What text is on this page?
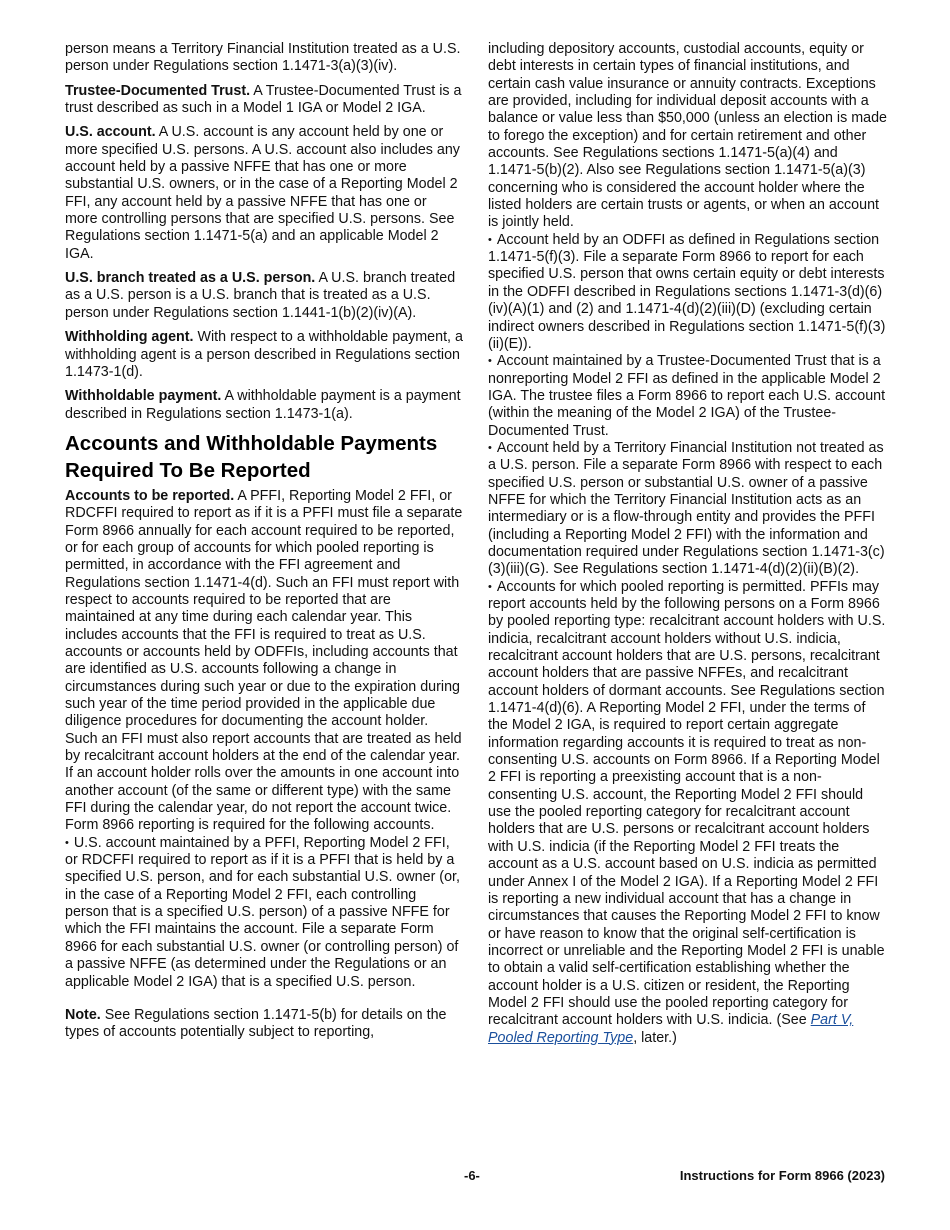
person means a Territory Financial Institution treated as a U.S. person under Regulations section 1.1471-3(a)(3)(iv).

Trustee-Documented Trust. A Trustee-Documented Trust is a trust described as such in a Model 1 IGA or Model 2 IGA.

U.S. account. A U.S. account is any account held by one or more specified U.S. persons. A U.S. account also includes any account held by a passive NFFE that has one or more substantial U.S. owners, or in the case of a Reporting Model 2 FFI, any account held by a passive NFFE that has one or more controlling persons that are specified U.S. persons. See Regulations section 1.1471-5(a) and an applicable Model 2 IGA.

U.S. branch treated as a U.S. person. A U.S. branch treated as a U.S. person is a U.S. branch that is treated as a U.S. person under Regulations section 1.1441-1(b)(2)(iv)(A).

Withholding agent. With respect to a withholdable payment, a withholding agent is a person described in Regulations section 1.1473-1(d).

Withholdable payment. A withholdable payment is a payment described in Regulations section 1.1473-1(a).

Accounts and Withholdable Payments Required To Be Reported

Accounts to be reported. A PFFI, Reporting Model 2 FFI, or RDCFFI required to report as if it is a PFFI must file a separate Form 8966 annually for each account required to be reported, or for each group of accounts for which pooled reporting is permitted, in accordance with the FFI agreement and Regulations section 1.1471-4(d). Such an FFI must report with respect to accounts required to be reported that are maintained at any time during each calendar year. This includes accounts that the FFI is required to treat as U.S. accounts or accounts held by ODFFIs, including accounts that are identified as U.S. accounts following a change in circumstances during such year or due to the expiration during such year of the time period provided in the applicable due diligence procedures for documenting the account holder. Such an FFI must also report accounts that are treated as held by recalcitrant account holders at the end of the calendar year. If an account holder rolls over the amounts in one account into another account (of the same or different type) with the same FFI during the calendar year, do not report the account twice. Form 8966 reporting is required for the following accounts.

• U.S. account maintained by a PFFI, Reporting Model 2 FFI, or RDCFFI required to report as if it is a PFFI that is held by a specified U.S. person, and for each substantial U.S. owner (or, in the case of a Reporting Model 2 FFI, each controlling person that is a specified U.S. person) of a passive NFFE for which the FFI maintains the account. File a separate Form 8966 for each substantial U.S. owner (or controlling person) of a passive NFFE (as determined under the Regulations or an applicable Model 2 IGA) that is a specified U.S. person.

Note. See Regulations section 1.1471-5(b) for details on the types of accounts potentially subject to reporting,

including depository accounts, custodial accounts, equity or debt interests in certain types of financial institutions, and certain cash value insurance or annuity contracts. Exceptions are provided, including for individual deposit accounts with a balance or value less than $50,000 (unless an election is made to forego the exception) and for certain retirement and other accounts. See Regulations sections 1.1471-5(a)(4) and 1.1471-5(b)(2). Also see Regulations section 1.1471-5(a)(3) concerning who is considered the account holder where the listed holders are certain trusts or agents, or when an account is jointly held.

• Account held by an ODFFI as defined in Regulations section 1.1471-5(f)(3). File a separate Form 8966 to report for each specified U.S. person that owns certain equity or debt interests in the ODFFI described in Regulations sections 1.1471-3(d)(6)(iv)(A)(1) and (2) and 1.1471-4(d)(2)(iii)(D) (excluding certain indirect owners described in Regulations section 1.1471-5(f)(3)(ii)(E)).

• Account maintained by a Trustee-Documented Trust that is a nonreporting Model 2 FFI as defined in the applicable Model 2 IGA. The trustee files a Form 8966 to report each U.S. account (within the meaning of the Model 2 IGA) of the Trustee-Documented Trust.

• Account held by a Territory Financial Institution not treated as a U.S. person. File a separate Form 8966 with respect to each specified U.S. person or substantial U.S. owner of a passive NFFE for which the Territory Financial Institution acts as an intermediary or is a flow-through entity and provides the PFFI (including a Reporting Model 2 FFI) with the information and documentation required under Regulations section 1.1471-3(c)(3)(iii)(G). See Regulations section 1.1471-4(d)(2)(ii)(B)(2).

• Accounts for which pooled reporting is permitted. PFFIs may report accounts held by the following persons on a Form 8966 by pooled reporting type: recalcitrant account holders with U.S. indicia, recalcitrant account holders without U.S. indicia, recalcitrant account holders that are U.S. persons, recalcitrant account holders that are passive NFFEs, and recalcitrant account holders of dormant accounts. See Regulations section 1.1471-4(d)(6). A Reporting Model 2 FFI, under the terms of the Model 2 IGA, is required to report certain aggregate information regarding accounts it is required to treat as non-consenting U.S. accounts on Form 8966. If a Reporting Model 2 FFI is reporting a preexisting account that is a non-consenting U.S. account, the Reporting Model 2 FFI should use the pooled reporting category for recalcitrant account holders that are U.S. persons or recalcitrant account holders with U.S. indicia (if the Reporting Model 2 FFI treats the account as a U.S. account based on U.S. indicia as permitted under Annex I of the Model 2 IGA). If a Reporting Model 2 FFI is reporting a new individual account that has a change in circumstances that causes the Reporting Model 2 FFI to know or have reason to know that the original self-certification is incorrect or unreliable and the Reporting Model 2 FFI is unable to obtain a valid self-certification establishing whether the account holder is a U.S. citizen or resident, the Reporting Model 2 FFI should use the pooled reporting category for recalcitrant account holders with U.S. indicia. (See Part V, Pooled Reporting Type, later.)

-6-	Instructions for Form 8966 (2023)
